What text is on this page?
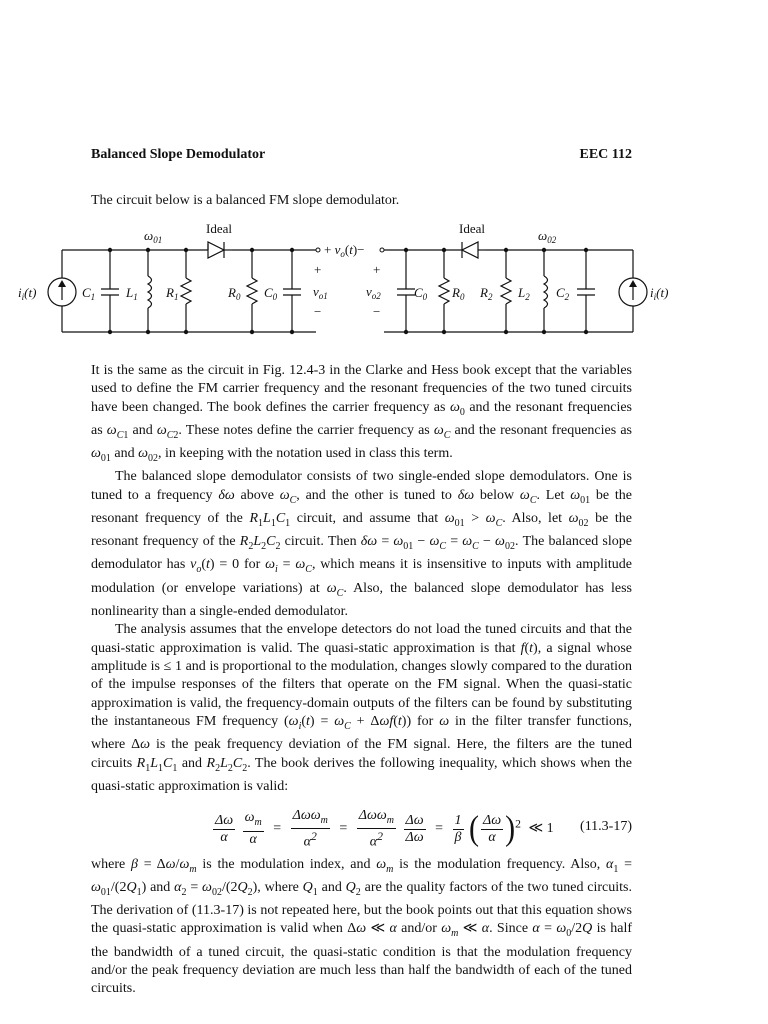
Balanced Slope Demodulator	EEC 112
The circuit below is a balanced FM slope demodulator.
$i_i(t)$	$i_i(t)$
Ideal	Ideal
$\omega_{01}$	$\omega_{02}$
+ $v_o(t)-$
+	+
$v_{o1}$	$v_{o2}$
−	−
$C_1$ $L_1$ $R_1$	$R_0$ $C_0$	$C_0$ $R_0$ $R_2$ $L_2$ $C_2$

It is the same as the circuit in Fig. 12.4-3 in the Clarke and Hess book except that the variables used to define the FM carrier frequency and the resonant frequencies of the two tuned circuits have been changed. The book defines the carrier frequency as $\omega_0$ and the resonant frequencies as $\omega_{C1}$ and $\omega_{C2}$. These notes define the carrier frequency as $\omega_C$ and the resonant frequencies as $\omega_{01}$ and $\omega_{02}$, in keeping with the notation used in class this term.

The balanced slope demodulator consists of two single-ended slope demodulators. One is tuned to a frequency δω above $\omega_C$, and the other is tuned to δω below $\omega_C$. Let $\omega_{01}$ be the resonant frequency of the $R_1L_1C_1$ circuit, and assume that $\omega_{01} > \omega_C$. Also, let $\omega_{02}$ be the resonant frequency of the $R_2L_2C_2$ circuit. Then $\delta\omega = \omega_{01} - \omega_C = \omega_C - \omega_{02}$. The balanced slope demodulator has $v_o(t) = 0$ for $\omega_i = \omega_C$, which means it is insensitive to inputs with amplitude modulation (or envelope variations) at $\omega_C$. Also, the balanced slope demodulator has less nonlinearity than a single-ended demodulator.

The analysis assumes that the envelope detectors do not load the tuned circuits and that the quasi-static approximation is valid. The quasi-static approximation is that f(t), a signal whose amplitude is ≤ 1 and is proportional to the modulation, changes slowly compared to the duration of the impulse responses of the filters that operate on the FM signal. When the quasi-static approximation is valid, the frequency-domain outputs of the filters can be found by substituting the instantaneous FM frequency $(\omega_i(t) = \omega_C + \Delta\omega f(t))$ for ω in the filter transfer functions, where Δω is the peak frequency deviation of the FM signal. Here, the filters are the tuned circuits $R_1L_1C_1$ and $R_2L_2C_2$. The book derives the following inequality, which shows when the quasi-static approximation is valid:

$\frac{\Delta\omega}{\alpha}$
$\frac{\omega_m}{\alpha} = \frac{\Delta\omega\omega_m}{\alpha^2} = \frac{\Delta\omega\omega_m}{\alpha^2}$
$\frac{\Delta\omega}{\Delta\omega} = \frac{1}{\beta}$ ( $\frac{\Delta\omega}{\alpha} )^2$ ≪ 1 (11.3-17)

where $\beta = \Delta\omega/\omega_m$ is the modulation index, and $\omega_m$ is the modulation frequency. Also, $\alpha_1 = \omega_{01}/(2Q_1)$ and $\alpha_2 = \omega_{02}/(2Q_2)$, where $Q_1$ and $Q_2$ are the quality factors of the two tuned circuits. The derivation of (11.3-17) is not repeated here, but the book points out that this equation shows the quasi-static approximation is valid when Δω ≪ α and/or $\omega_m$ ≪ α. Since $\alpha = \omega_0/2Q$ is half the bandwidth of a tuned circuit, the quasi-static condition is that the modulation frequency and/or the peak frequency deviation are much less than half the bandwidth of each of the tuned circuits.
